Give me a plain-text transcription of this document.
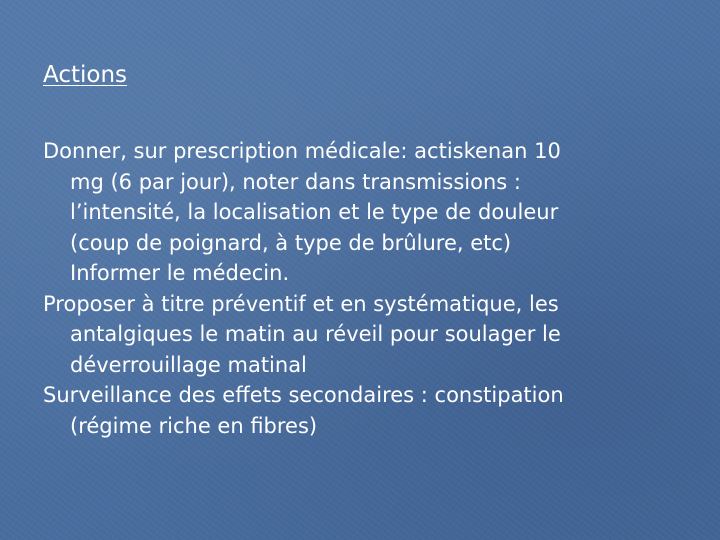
Actions
Donner, sur prescription médicale: actiskenan 10
mg (6 par jour), noter dans transmissions :
l’intensité, la localisation et le type de douleur
(coup de poignard, à type de brûlure, etc)
Informer le médecin.
Proposer à titre préventif et en systématique, les
antalgiques le matin au réveil pour soulager le
déverrouillage matinal
Surveillance des effets secondaires : constipation
(régime riche en fibres)
